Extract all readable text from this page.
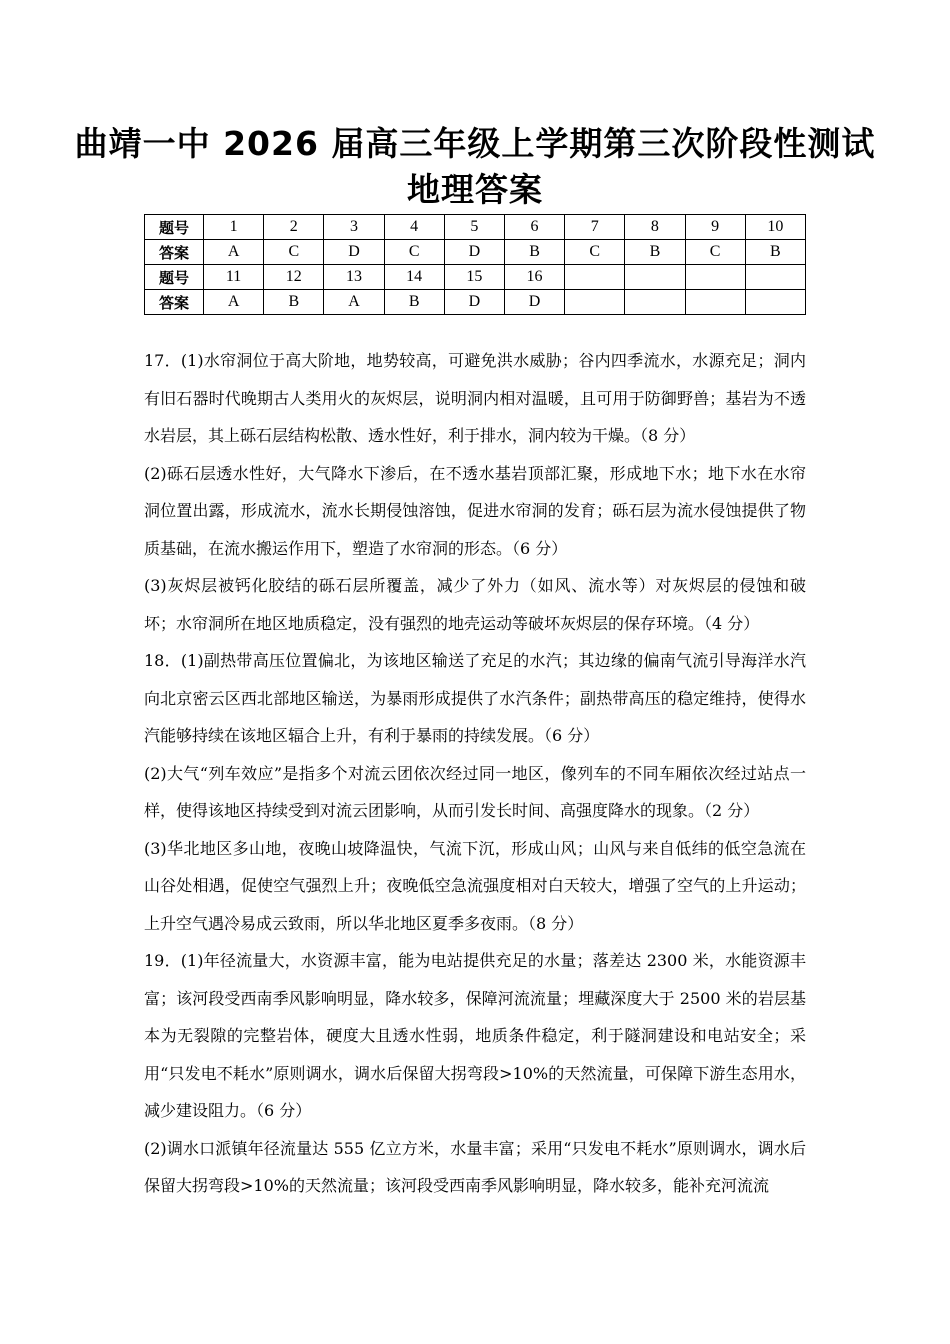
曲靖一中 2026 届高三年级上学期第三次阶段性测试
地理答案
题号	1	2	3	4	5	6	7	8	9	10
答案	A	C	D	C	D	B	C	B	C	B
题号	11	12	13	14	15	16				
答案	A	B	A	B	D	D				

17．(1)水帘洞位于高大阶地，地势较高，可避免洪水威胁；谷内四季流水，水源充足；洞内有旧石器时代晚期古人类用火的灰烬层，说明洞内相对温暖，且可用于防御野兽；基岩为不透水岩层，其上砾石层结构松散、透水性好，利于排水，洞内较为干燥。（8 分）

(2)砾石层透水性好，大气降水下渗后，在不透水基岩顶部汇聚，形成地下水；地下水在水帘洞位置出露，形成流水，流水长期侵蚀溶蚀，促进水帘洞的发育；砾石层为流水侵蚀提供了物质基础，在流水搬运作用下，塑造了水帘洞的形态。（6 分）

(3)灰烬层被钙化胶结的砾石层所覆盖，减少了外力（如风、流水等）对灰烬层的侵蚀和破坏；水帘洞所在地区地质稳定，没有强烈的地壳运动等破坏灰烬层的保存环境。（4 分）

18．(1)副热带高压位置偏北，为该地区输送了充足的水汽；其边缘的偏南气流引导海洋水汽向北京密云区西北部地区输送，为暴雨形成提供了水汽条件；副热带高压的稳定维持，使得水汽能够持续在该地区辐合上升，有利于暴雨的持续发展。（6 分）

(2)大气“列车效应”是指多个对流云团依次经过同一地区，像列车的不同车厢依次经过站点一样，使得该地区持续受到对流云团影响，从而引发长时间、高强度降水的现象。（2 分）

(3)华北地区多山地，夜晚山坡降温快，气流下沉，形成山风；山风与来自低纬的低空急流在山谷处相遇，促使空气强烈上升；夜晚低空急流强度相对白天较大，增强了空气的上升运动；上升空气遇冷易成云致雨，所以华北地区夏季多夜雨。（8 分）

19．(1)年径流量大，水资源丰富，能为电站提供充足的水量；落差达 2300 米，水能资源丰富；该河段受西南季风影响明显，降水较多，保障河流流量；埋藏深度大于 2500 米的岩层基本为无裂隙的完整岩体，硬度大且透水性弱，地质条件稳定，利于隧洞建设和电站安全；采用“只发电不耗水”原则调水，调水后保留大拐弯段>10%的天然流量，可保障下游生态用水，减少建设阻力。（6 分）

(2)调水口派镇年径流量达 555 亿立方米，水量丰富；采用“只发电不耗水”原则调水，调水后保留大拐弯段>10%的天然流量；该河段受西南季风影响明显，降水较多，能补充河流流
